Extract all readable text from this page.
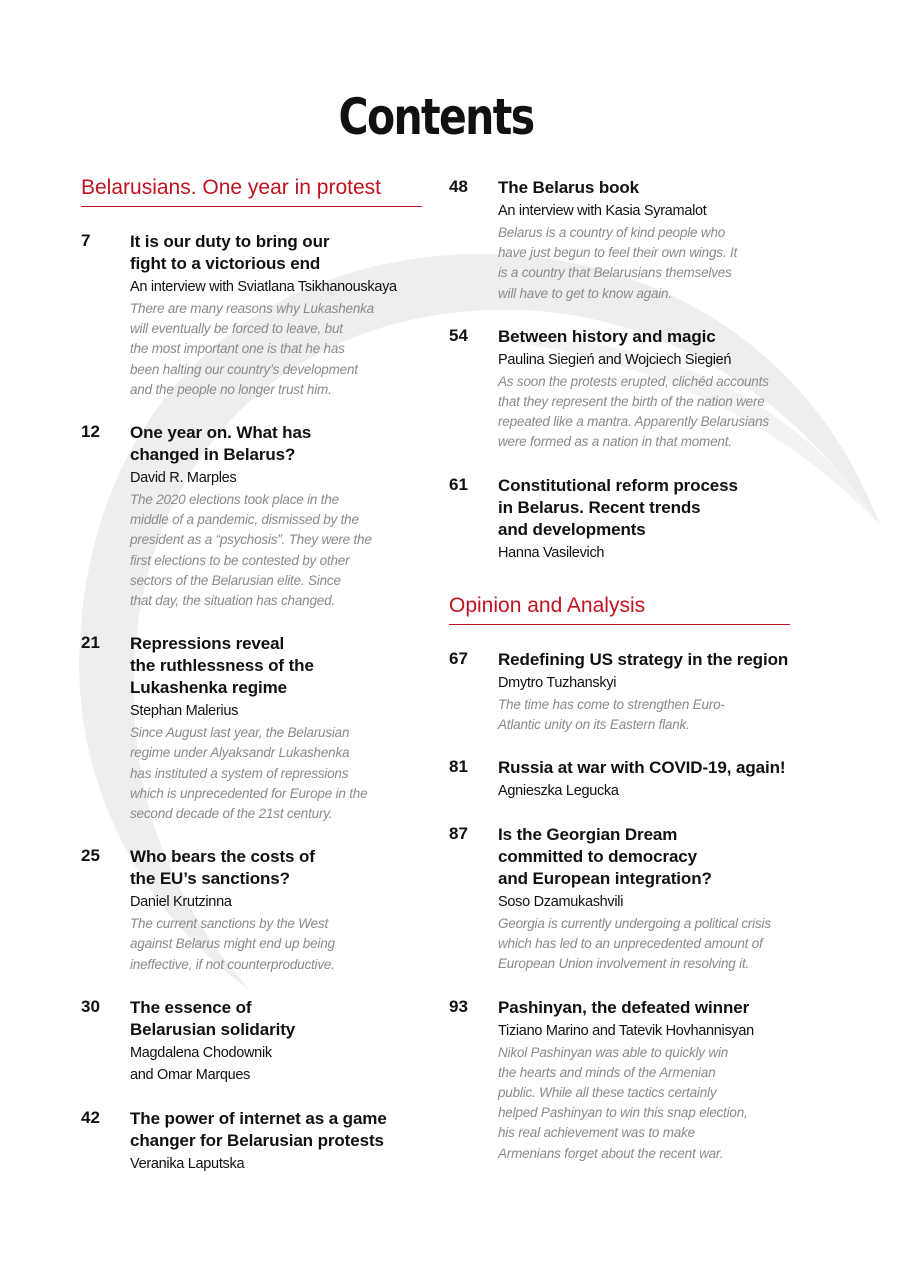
Contents
Belarusians. One year in protest
7 It is our duty to bring our
fight to a victorious end
An interview with Sviatlana Tsikhanouskaya
There are many reasons why Lukashenka
will eventually be forced to leave, but
the most important one is that he has
been halting our country’s development
and the people no longer trust him.
12 One year on. What has
changed in Belarus?
David R. Marples
The 2020 elections took place in the
middle of a pandemic, dismissed by the
president as a “psychosis”. They were the
first elections to be contested by other
sectors of the Belarusian elite. Since
that day, the situation has changed.
21 Repressions reveal
the ruthlessness of the
Lukashenka regime
Stephan Malerius
Since August last year, the Belarusian
regime under Alyaksandr Lukashenka
has instituted a system of repressions
which is unprecedented for Europe in the
second decade of the 21st century.
25 Who bears the costs of
the EU’s sanctions?
Daniel Krutzinna
The current sanctions by the West
against Belarus might end up being
ineffective, if not counterproductive.
30 The essence of
Belarusian solidarity
Magdalena Chodownik
and Omar Marques
42 The power of internet as a game
changer for Belarusian protests
Veranika Laputska
48 The Belarus book
An interview with Kasia Syramalot
Belarus is a country of kind people who
have just begun to feel their own wings. It
is a country that Belarusians themselves
will have to get to know again.
54 Between history and magic
Paulina Siegień and Wojciech Siegień
As soon the protests erupted, clichéd accounts
that they represent the birth of the nation were
repeated like a mantra. Apparently Belarusians
were formed as a nation in that moment.
61 Constitutional reform process
in Belarus. Recent trends
and developments
Hanna Vasilevich
Opinion and Analysis
67 Redefining US strategy in the region
Dmytro Tuzhanskyi
The time has come to strengthen Euro-
Atlantic unity on its Eastern flank.
81 Russia at war with COVID-19, again!
Agnieszka Legucka
87 Is the Georgian Dream
committed to democracy
and European integration?
Soso Dzamukashvili
Georgia is currently undergoing a political crisis
which has led to an unprecedented amount of
European Union involvement in resolving it.
93 Pashinyan, the defeated winner
Tiziano Marino and Tatevik Hovhannisyan
Nikol Pashinyan was able to quickly win
the hearts and minds of the Armenian
public. While all these tactics certainly
helped Pashinyan to win this snap election,
his real achievement was to make
Armenians forget about the recent war.
